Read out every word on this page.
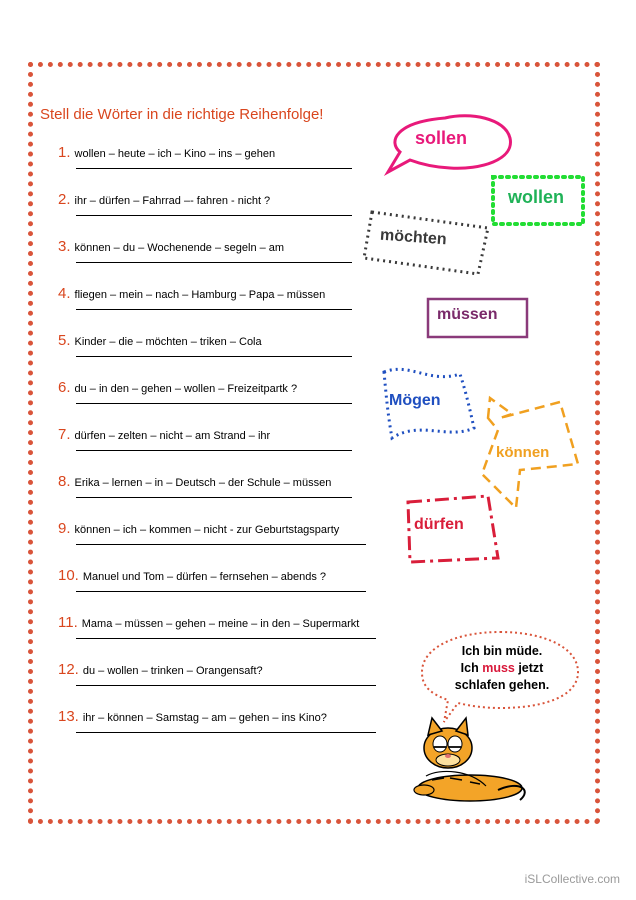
Stell die Wörter in die richtige Reihenfolge!
1. wollen – heute – ich – Kino – ins – gehen
2. ihr – dürfen – Fahrrad –- fahren - nicht ?
3. können – du – Wochenende – segeln – am
4. fliegen – mein – nach – Hamburg – Papa – müssen
5. Kinder – die – möchten – triken – Cola
6. du – in den – gehen – wollen – Freizeitpartk ?
7. dürfen – zelten – nicht – am Strand – ihr
8. Erika – lernen – in – Deutsch – der Schule – müssen
9. können – ich – kommen – nicht - zur Geburtstagsparty
10. Manuel und Tom – dürfen – fernsehen – abends ?
11. Mama – müssen – gehen – meine – in den – Supermarkt
12. du – wollen – trinken – Orangensaft?
13. ihr – können – Samstag – am – gehen – ins Kino?
sollen
wollen
möchten
müssen
Mögen
können
dürfen
Ich bin müde.
Ich muss jetzt
schlafen gehen.
iSLCollective.com
